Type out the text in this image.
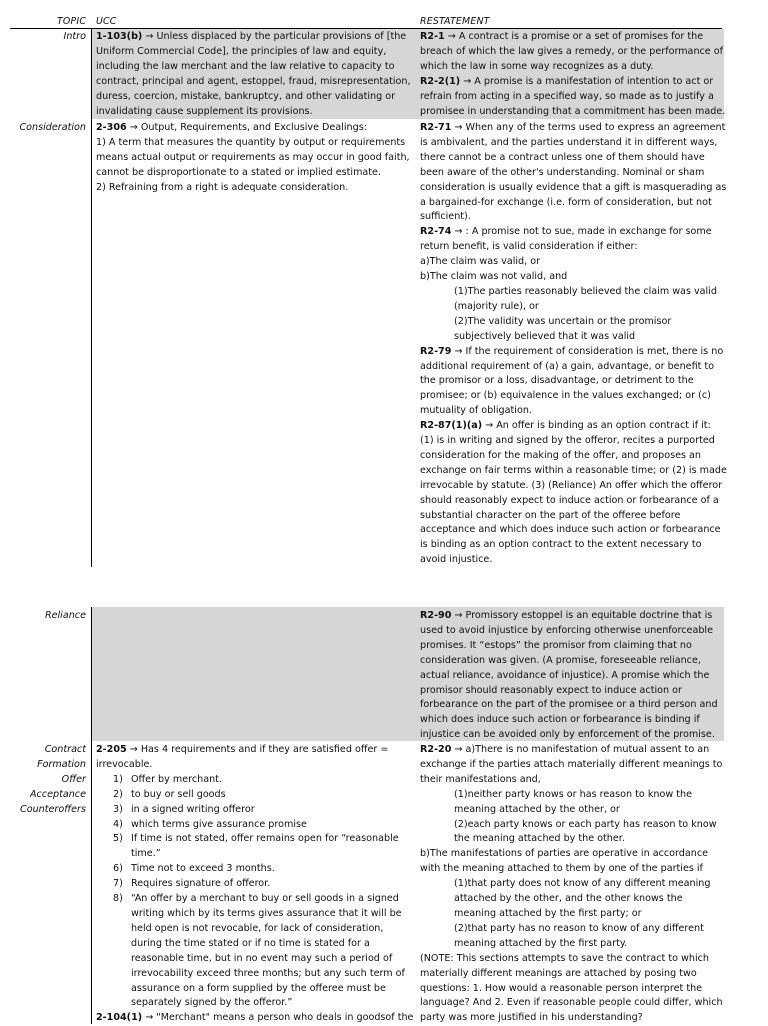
TOPIC UCC	RESTATEMENT
Intro 1-103(b) → Unless displaced by the particular provisions of [the
Uniform Commercial Code], the principles of law and equity,
including the law merchant and the law relative to capacity to
contract, principal and agent, estoppel, fraud, misrepresentation,
duress, coercion, mistake, bankruptcy, and other validating or
invalidating cause supplement its provisions.
R2-1 → A contract is a promise or a set of promises for the
breach of which the law gives a remedy, or the performance of
which the law in some way recognizes as a duty.
R2-2(1) → A promise is a manifestation of intention to act or
refrain from acting in a specified way, so made as to justify a
promisee in understanding that a commitment has been made.
Consideration 2-306 → Output, Requirements, and Exclusive Dealings:
1) A term that measures the quantity by output or requirements
means actual output or requirements as may occur in good faith,
cannot be disproportionate to a stated or implied estimate.
2) Refraining from a right is adequate consideration.
R2-71 → When any of the terms used to express an agreement
is ambivalent, and the parties understand it in different ways,
there cannot be a contract unless one of them should have
been aware of the other's understanding. Nominal or sham
consideration is usually evidence that a gift is masquerading as
a bargained-for exchange (i.e. form of consideration, but not
sufficient).
R2-74 → : A promise not to sue, made in exchange for some
return benefit, is valid consideration if either:
a)The claim was valid, or
b)The claim was not valid, and
(1)The parties reasonably believed the claim was valid
(majority rule), or
(2)The validity was uncertain or the promisor
subjectively believed that it was valid
R2-79 → If the requirement of consideration is met, there is no
additional requirement of (a) a gain, advantage, or benefit to
the promisor or a loss, disadvantage, or detriment to the
promisee; or (b) equivalence in the values exchanged; or (c)
mutuality of obligation.
R2-87(1)(a) → An offer is binding as an option contract if it:
(1) is in writing and signed by the offeror, recites a purported
consideration for the making of the offer, and proposes an
exchange on fair terms within a reasonable time; or (2) is made
irrevocable by statute. (3) (Reliance) An offer which the offeror
should reasonably expect to induce action or forbearance of a
substantial character on the part of the offeree before
acceptance and which does induce such action or forbearance
is binding as an option contract to the extent necessary to
avoid injustice.
Reliance	R2-90 → Promissory estoppel is an equitable doctrine that is
used to avoid injustice by enforcing otherwise unenforceable
promises. It “estops” the promisor from claiming that no
consideration was given. (A promise, foreseeable reliance,
actual reliance, avoidance of injustice). A promise which the
promisor should reasonably expect to induce action or
forbearance on the part of the promisee or a third person and
which does induce such action or forbearance is binding if
injustice can be avoided only by enforcement of the promise.
Contract
Formation
Offer
Acceptance
Counteroffers
2-205 → Has 4 requirements and if they are satisfied offer =
irrevocable.
1) Offer by merchant.
2) to buy or sell goods
3) in a signed writing offeror
4) which terms give assurance promise
5) If time is not stated, offer remains open for “reasonable
time.”
6) Time not to exceed 3 months.
7) Requires signature of offeror.
8) “An offer by a merchant to buy or sell goods in a signed
writing which by its terms gives assurance that it will be
held open is not revocable, for lack of consideration,
during the time stated or if no time is stated for a
reasonable time, but in no event may such a period of
irrevocability exceed three months; but any such term of
assurance on a form supplied by the offeree must be
separately signed by the offeror.”
2-104(1) → "Merchant" means a person who deals in goodsof the
R2-20 → a)There is no manifestation of mutual assent to an
exchange if the parties attach materially different meanings to
their manifestations and,
(1)neither party knows or has reason to know the
meaning attached by the other, or
(2)each party knows or each party has reason to know
the meaning attached by the other.
b)The manifestations of parties are operative in accordance
with the meaning attached to them by one of the parties if
(1)that party does not know of any different meaning
attached by the other, and the other knows the
meaning attached by the first party; or
(2)that party has no reason to know of any different
meaning attached by the first party.
(NOTE: This sections attempts to save the contract to which
materially different meanings are attached by posing two
questions: 1. How would a reasonable person interpret the
language? And 2. Even if reasonable people could differ, which
party was more justified in his understanding?
